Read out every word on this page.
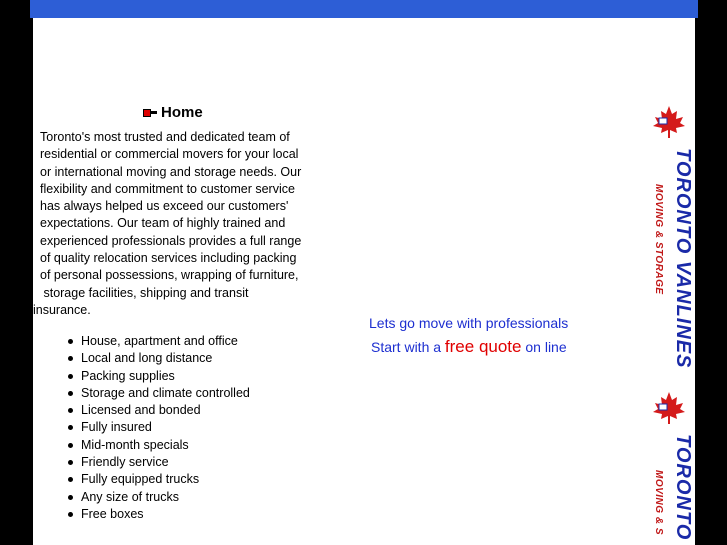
Home
Toronto's most trusted and dedicated team of
residential or commercial movers for your local
or international moving and storage needs. Our
flexibility and commitment to customer service
has always helped us exceed our customers'
expectations. Our team of highly trained and
experienced professionals provides a full range
of quality relocation services including packing
of personal possessions, wrapping of furniture,
storage facilities, shipping and transit
insurance.
House, apartment and office
Local and long distance
Packing supplies
Storage and climate controlled
Licensed and bonded
Fully insured
Mid-month specials
Friendly service
Fully equipped trucks
Any size of trucks
Free boxes
Lets go move with professionals
Start with a free quote on line	TORONTO VANLINES
MOVING & STORAGE
TORONTO
MOVING & S
